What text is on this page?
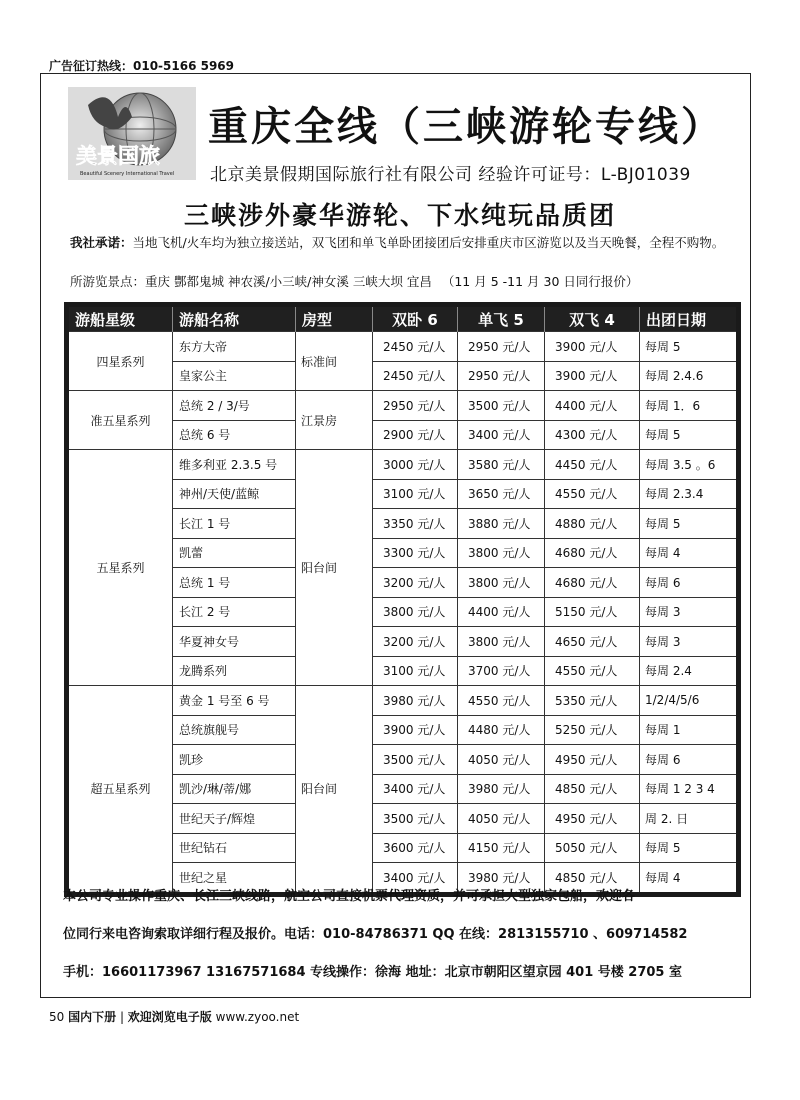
广告征订热线：010-5166 5969
美景国旅
Beautiful Scenery International Travel
重庆全线（三峡游轮专线）
北京美景假期国际旅行社有限公司 经验许可证号：L-BJ01039
三峡涉外豪华游轮、下水纯玩品质团
我社承诺：当地飞机/火车均为独立接送站，双飞团和单飞单卧团接团后安排重庆市区游览以及当天晚餐，全程不购物。
所游览景点：重庆 酆都鬼城 神农溪/小三峡/神女溪 三峡大坝 宜昌 （11 月 5 -11 月 30 日同行报价）
游船星级	游船名称	房型	双卧 6	单飞 5	双飞 4	出团日期
四星系列	东方大帝	标准间	2450 元/人	2950 元/人	3900 元/人	每周 5
	皇家公主		2450 元/人	2950 元/人	3900 元/人	每周 2.4.6
准五星系列	总统 2 / 3/号	江景房	2950 元/人	3500 元/人	4400 元/人	每周 1．6
	总统 6 号		2900 元/人	3400 元/人	4300 元/人	每周 5
五星系列	维多利亚 2.3.5 号	阳台间	3000 元/人	3580 元/人	4450 元/人	每周 3.5 。6
	神州/天使/蓝鲸		3100 元/人	3650 元/人	4550 元/人	每周 2.3.4
	长江 1 号		3350 元/人	3880 元/人	4880 元/人	每周 5
	凯蕾		3300 元/人	3800 元/人	4680 元/人	每周 4
	总统 1 号		3200 元/人	3800 元/人	4680 元/人	每周 6
	长江 2 号		3800 元/人	4400 元/人	5150 元/人	每周 3
	华夏神女号		3200 元/人	3800 元/人	4650 元/人	每周 3
	龙腾系列		3100 元/人	3700 元/人	4550 元/人	每周 2.4
超五星系列	黄金 1 号至 6 号	阳台间	3980 元/人	4550 元/人	5350 元/人	1/2/4/5/6
	总统旗舰号		3900 元/人	4480 元/人	5250 元/人	每周 1
	凯珍		3500 元/人	4050 元/人	4950 元/人	每周 6
	凯沙/琳/蒂/娜		3400 元/人	3980 元/人	4850 元/人	每周 1 2 3 4
	世纪天子/辉煌		3500 元/人	4050 元/人	4950 元/人	周 2. 日
	世纪钻石		3600 元/人	4150 元/人	5050 元/人	每周 5
	世纪之星		3400 元/人	3980 元/人	4850 元/人	每周 4

本公司专业操作重庆、长江三峡线路，航空公司直接机票代理资质，并可承担大型独家包船，欢迎各

位同行来电咨询索取详细行程及报价。电话：010-84786371 QQ 在线：2813155710 、609714582

手机：16601173967 13167571684 专线操作：徐海 地址：北京市朝阳区望京园 401 号楼 2705 室

50 国内下册 | 欢迎浏览电子版 www.zyoo.net
